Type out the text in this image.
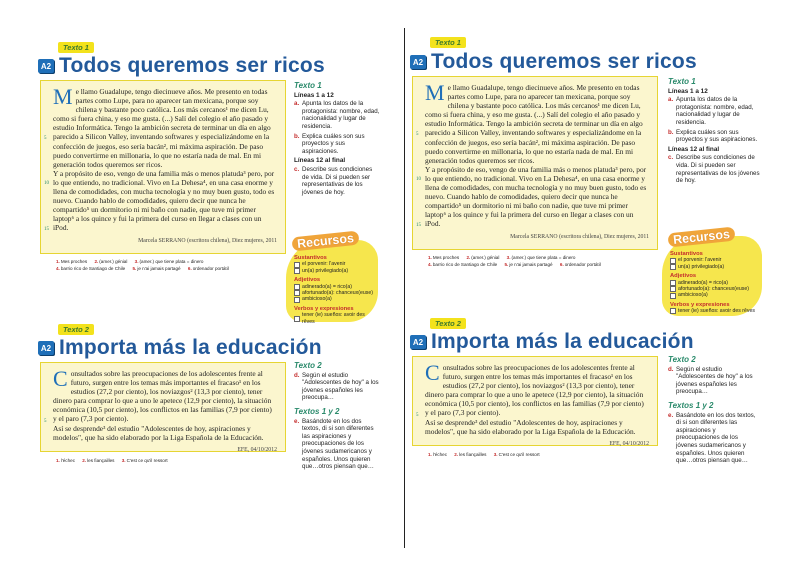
Texto 1
A2 Todos queremos ser ricos
5
10
15

Me llamo Guadalupe, tengo diecinueve años. Me presento en todas partes como Lupe, para no aparecer tan mexicana, porque soy chilena y bastante poco católica. Los más cercanos¹ me dicen Lu, como si fuera china, y eso me gusta. (...) Salí del colegio el año pasado y estudio Informática. Tengo la ambición secreta de terminar un día en algo parecido a Silicon Valley, inventando softwares y especializándome en la confección de juegos, eso sería bacán², mi máxima aspiración. De paso puedo convertirme en millonaria, lo que no estaría nada de mal. En mi generación todos queremos ser ricos.

Y a propósito de eso, vengo de una familia más o menos platuda³ pero, por lo que entiendo, no tradicional. Vivo en La Dehesa⁴, en una casa enorme y llena de comodidades, con mucha tecnología y no muy buen gusto, todo es nuevo. Cuando hablo de comodidades, quiero decir que nunca he compartido⁵ un dormitorio ni mi baño con nadie, que tuve mi primer laptop⁶ a los quince y fui la primera del curso en llegar a clases con un iPod.

Marcela SERRANO (escritora chilena), Diez mujeres, 2011
1.Mes proches 2.(amer.) génial 3.(amer.) que tiene plata = dinero
4.barrio rico de Santiago de Chile 5.je n'ai jamais partagé 6.ordenador portátil
Texto 1
Líneas 1 a 12
a. Apunta los datos de la protagonista: nombre, edad, nacionalidad y lugar de residencia.
b. Explica cuáles son sus proyectos y sus aspiraciones.
Líneas 12 al final
c. Describe sus condiciones de vida. Di si pueden ser representativas de los jóvenes de hoy.
Recursos
Sustantivos
el porvenir: l'avenir
un(a) privilegiado(a)
Adjetivos
adinerado(a) = rico(a)
afortunado(a): chanceux(euse)
ambicioso(a)
Verbos y expresiones
tener (ie) sueños: avoir des rêves
Texto 2
A2 Importa más la educación
5

Consultados sobre las preocupaciones de los adolescentes frente al futuro, surgen entre los temas más importantes el fracaso¹ en los estudios (27,2 por ciento), los noviazgos² (13,3 por ciento), tener dinero para comprar lo que a uno le apetece (12,9 por ciento), la situación económica (10,5 por ciento), los conflictos en las familias (7,9 por ciento) y el paro (7,3 por ciento).

Así se desprende³ del estudio "Adolescentes de hoy, aspiraciones y modelos", que ha sido elaborado por la Liga Española de la Educación.

EFE, 04/10/2012
1.l'échec 2.les fiançailles 3.C'est ce qu'il ressort
Texto 2
d. Según el estudio "Adolescentes de hoy" a los jóvenes españoles les preocupa…
Textos 1 y 2
e. Basándote en los dos textos, di si son diferentes las aspiraciones y preocupaciones de los jóvenes sudamericanos y españoles. Unos quieren que…otros piensan que…
Texto 1
A2 Todos queremos ser ricos
5
10
15

Me llamo Guadalupe, tengo diecinueve años. Me presento en todas partes como Lupe, para no aparecer tan mexicana, porque soy chilena y bastante poco católica. Los más cercanos¹ me dicen Lu, como si fuera china, y eso me gusta. (...) Salí del colegio el año pasado y estudio Informática. Tengo la ambición secreta de terminar un día en algo parecido a Silicon Valley, inventando softwares y especializándome en la confección de juegos, eso sería bacán², mi máxima aspiración. De paso puedo convertirme en millonaria, lo que no estaría nada de mal. En mi generación todos queremos ser ricos.

Y a propósito de eso, vengo de una familia más o menos platuda³ pero, por lo que entiendo, no tradicional. Vivo en La Dehesa⁴, en una casa enorme y llena de comodidades, con mucha tecnología y no muy buen gusto, todo es nuevo. Cuando hablo de comodidades, quiero decir que nunca he compartido⁵ un dormitorio ni mi baño con nadie, que tuve mi primer laptop⁶ a los quince y fui la primera del curso en llegar a clases con un iPod.

Marcela SERRANO (escritora chilena), Diez mujeres, 2011
1.Mes proches 2.(amer.) génial 3.(amer.) que tiene plata = dinero
4.barrio rico de Santiago de Chile 5.je n'ai jamais partagé 6.ordenador portátil
Texto 1
Líneas 1 a 12
a. Apunta los datos de la protagonista: nombre, edad, nacionalidad y lugar de residencia.
b. Explica cuáles son sus proyectos y sus aspiraciones.
Líneas 12 al final
c. Describe sus condiciones de vida. Di si pueden ser representativas de los jóvenes de hoy.
Recursos
Sustantivos
el porvenir: l'avenir
un(a) privilegiado(a)
Adjetivos
adinerado(a) = rico(a)
afortunado(a): chanceux(euse)
ambicioso(a)
Verbos y expresiones
tener (ie) sueños: avoir des rêves
Texto 2
A2 Importa más la educación
5

Consultados sobre las preocupaciones de los adolescentes frente al futuro, surgen entre los temas más importantes el fracaso¹ en los estudios (27,2 por ciento), los noviazgos² (13,3 por ciento), tener dinero para comprar lo que a uno le apetece (12,9 por ciento), la situación económica (10,5 por ciento), los conflictos en las familias (7,9 por ciento) y el paro (7,3 por ciento).

Así se desprende³ del estudio "Adolescentes de hoy, aspiraciones y modelos", que ha sido elaborado por la Liga Española de la Educación.

EFE, 04/10/2012
1.l'échec 2.les fiançailles 3.C'est ce qu'il ressort
Texto 2
d. Según el estudio "Adolescentes de hoy" a los jóvenes españoles les preocupa…
Textos 1 y 2
e. Basándote en los dos textos, di si son diferentes las aspiraciones y preocupaciones de los jóvenes sudamericanos y españoles. Unos quieren que…otros piensan que…
